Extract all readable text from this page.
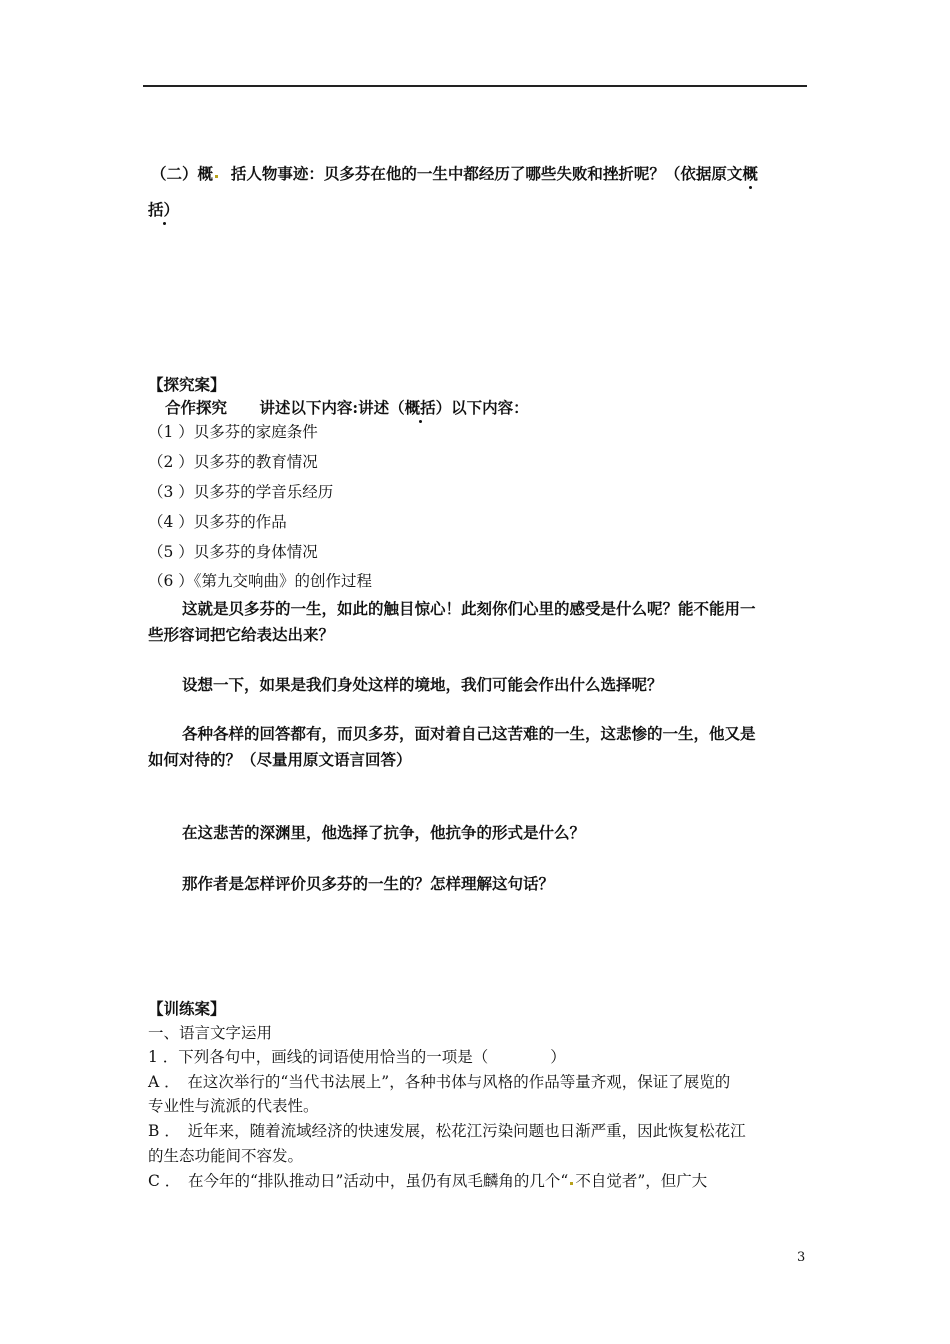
（二）概 括人物事迹：贝多芬在他的一生中都经历了哪些失败和挫折呢？（依据原文概
括）
【探究案】
合作探究 讲述以下内容:讲述（概括）以下内容：
（1 ）贝多芬的家庭条件
（2 ）贝多芬的教育情况
（3 ）贝多芬的学音乐经历
（4 ）贝多芬的作品
（5 ）贝多芬的身体情况
（6 ）《第九交响曲》的创作过程
这就是贝多芬的一生，如此的触目惊心！此刻你们心里的感受是什么呢？能不能用一
些形容词把它给表达出来？
设想一下，如果是我们身处这样的境地，我们可能会作出什么选择呢？
各种各样的回答都有，而贝多芬，面对着自己这苦难的一生，这悲惨的一生，他又是
如何对待的？（尽量用原文语言回答）
在这悲苦的深渊里，他选择了抗争，他抗争的形式是什么？
那作者是怎样评价贝多芬的一生的？怎样理解这句话？
【训练案】
一、语言文字运用
1 ．下列各句中，画线的词语使用恰当的一项是（　　　　）
A ．　在这次举行的“当代书法展上”，各种书体与风格的作品等量齐观，保证了展览的
专业性与流派的代表性。
B ．　近年来，随着流域经济的快速发展，松花江污染问题也日渐严重，因此恢复松花江
的生态功能间不容发。
C ．　在今年的“排队推动日”活动中，虽仍有凤毛麟角的几个“ 不自觉者”，但广大
3
